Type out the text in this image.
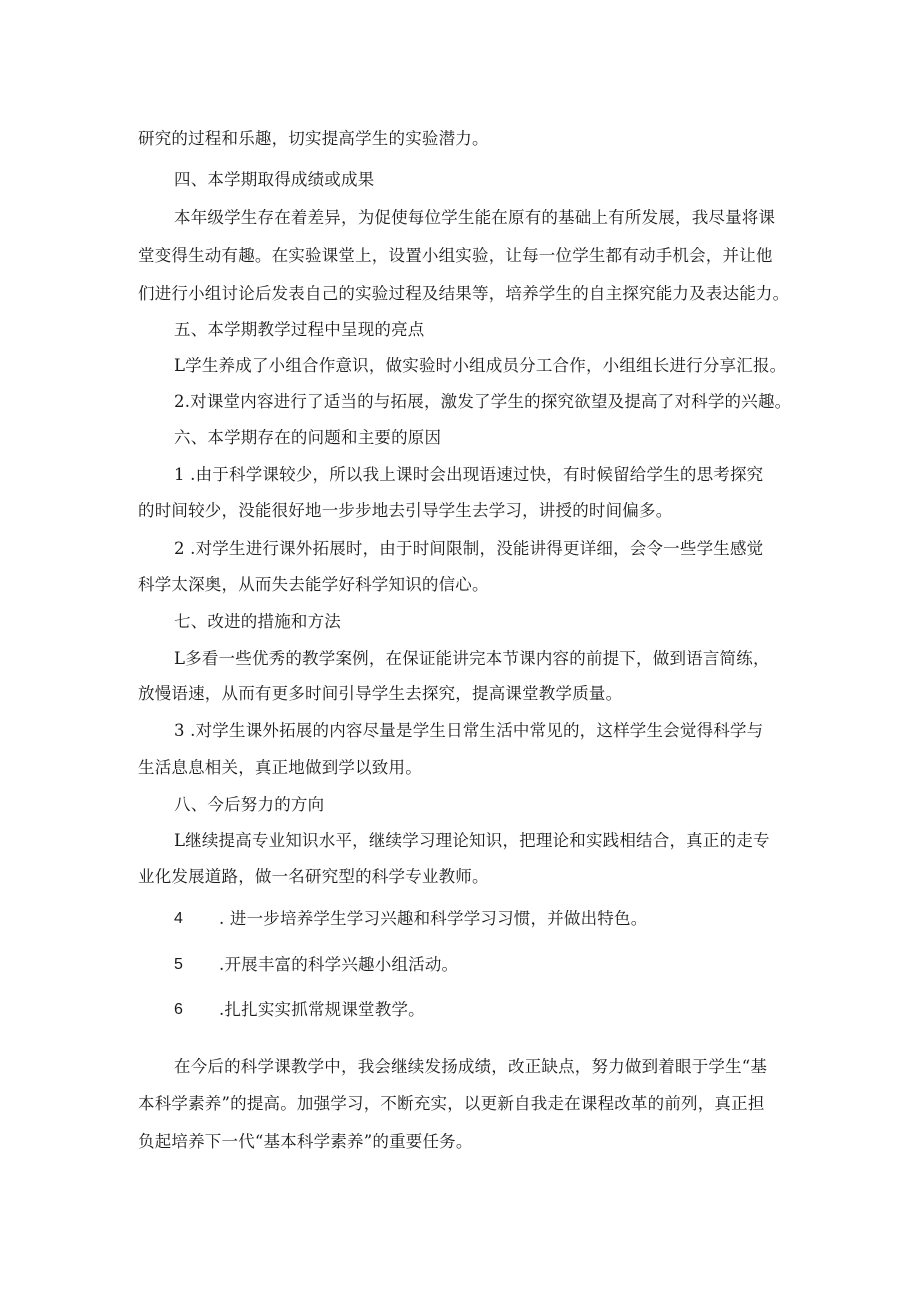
研究的过程和乐趣，切实提高学生的实验潜力。
四、本学期取得成绩或成果
本年级学生存在着差异，为促使每位学生能在原有的基础上有所发展，我尽量将课
堂变得生动有趣。在实验课堂上，设置小组实验，让每一位学生都有动手机会，并让他
们进行小组讨论后发表自己的实验过程及结果等，培养学生的自主探究能力及表达能力。
五、本学期教学过程中呈现的亮点
L学生养成了小组合作意识，做实验时小组成员分工合作，小组组长进行分享汇报。
2.对课堂内容进行了适当的与拓展，激发了学生的探究欲望及提高了对科学的兴趣。
六、本学期存在的问题和主要的原因
1 .由于科学课较少，所以我上课时会出现语速过快，有时候留给学生的思考探究
的时间较少，没能很好地一步步地去引导学生去学习，讲授的时间偏多。
2 .对学生进行课外拓展时，由于时间限制，没能讲得更详细，会令一些学生感觉
科学太深奥，从而失去能学好科学知识的信心。
七、改进的措施和方法
L多看一些优秀的教学案例，在保证能讲完本节课内容的前提下，做到语言简练，
放慢语速，从而有更多时间引导学生去探究，提高课堂教学质量。
3 .对学生课外拓展的内容尽量是学生日常生活中常见的，这样学生会觉得科学与
生活息息相关，真正地做到学以致用。
八、今后努力的方向
L继续提高专业知识水平，继续学习理论知识，把理论和实践相结合，真正的走专
业化发展道路，做一名研究型的科学专业教师。
4 . 进一步培养学生学习兴趣和科学学习习惯，并做出特色。
5 .开展丰富的科学兴趣小组活动。
6 .扎扎实实抓常规课堂教学。
在今后的科学课教学中，我会继续发扬成绩，改正缺点，努力做到着眼于学生“基
本科学素养”的提高。加强学习，不断充实，以更新自我走在课程改革的前列，真正担
负起培养下一代“基本科学素养”的重要任务。
